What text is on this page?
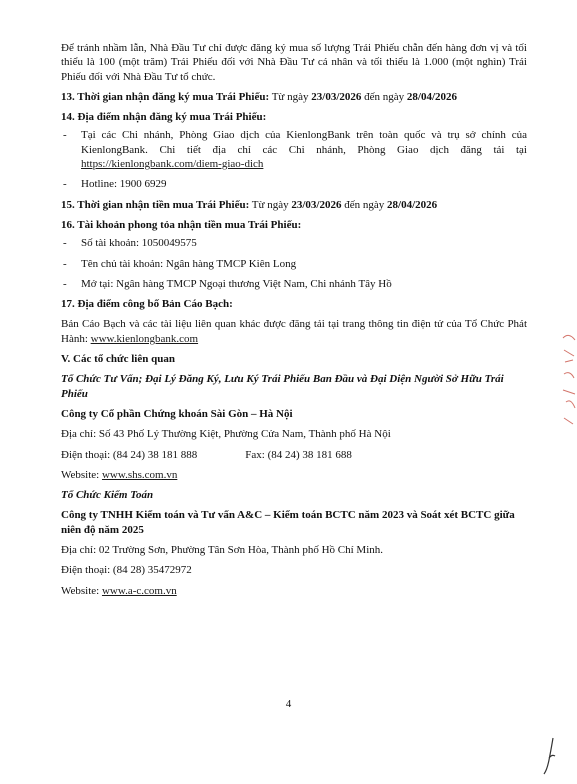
Để tránh nhầm lẫn, Nhà Đầu Tư chỉ được đăng ký mua số lượng Trái Phiếu chẵn đến hàng đơn vị và tối thiểu là 100 (một trăm) Trái Phiếu đối với Nhà Đầu Tư cá nhân và tối thiểu là 1.000 (một nghìn) Trái Phiếu đối với Nhà Đầu Tư tổ chức.

13. Thời gian nhận đăng ký mua Trái Phiếu: Từ ngày 23/03/2026 đến ngày 28/04/2026

14. Địa điểm nhận đăng ký mua Trái Phiếu:

- Tại các Chi nhánh, Phòng Giao dịch của KienlongBank trên toàn quốc và trụ sở chính của KienlongBank. Chi tiết địa chỉ các Chi nhánh, Phòng Giao dịch đăng tải tại https://kienlongbank.com/diem-giao-dich
- Hotline: 1900 6929

15. Thời gian nhận tiền mua Trái Phiếu: Từ ngày 23/03/2026 đến ngày 28/04/2026

16. Tài khoản phong tỏa nhận tiền mua Trái Phiếu:

- Số tài khoản: 1050049575
- Tên chủ tài khoản: Ngân hàng TMCP Kiên Long
- Mở tại: Ngân hàng TMCP Ngoại thương Việt Nam, Chi nhánh Tây Hồ

17. Địa điểm công bố Bản Cáo Bạch:

Bản Cáo Bạch và các tài liệu liên quan khác được đăng tải tại trang thông tin điện tử của Tổ Chức Phát Hành: www.kienlongbank.com

V. Các tổ chức liên quan

Tổ Chức Tư Vấn; Đại Lý Đăng Ký, Lưu Ký Trái Phiếu Ban Đầu và Đại Diện Người Sở Hữu Trái Phiếu

Công ty Cổ phần Chứng khoán Sài Gòn – Hà Nội

Địa chỉ: Số 43 Phố Lý Thường Kiệt, Phường Cửa Nam, Thành phố Hà Nội

Điện thoại: (84 24) 38 181 888	Fax: (84 24) 38 181 688

Website: www.shs.com.vn

Tổ Chức Kiểm Toán

Công ty TNHH Kiểm toán và Tư vấn A&C – Kiểm toán BCTC năm 2023 và Soát xét BCTC giữa niên độ năm 2025

Địa chỉ: 02 Trường Sơn, Phường Tân Sơn Hòa, Thành phố Hồ Chí Minh.

Điện thoại: (84 28) 35472972

Website: www.a-c.com.vn

4
